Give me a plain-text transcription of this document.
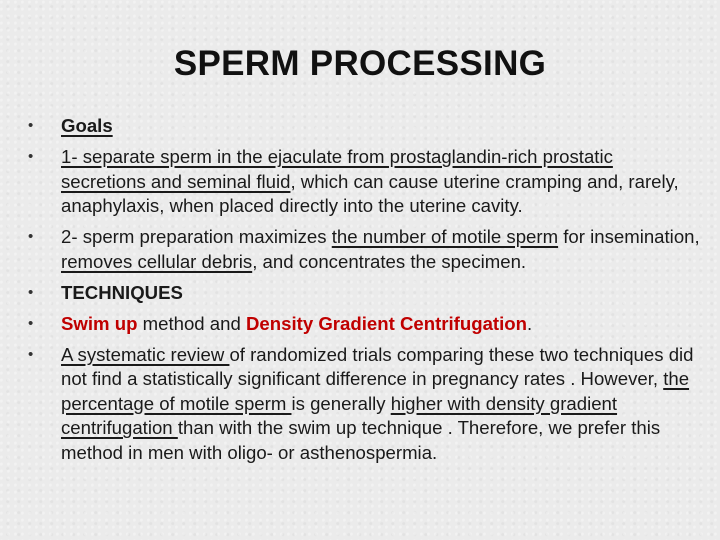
SPERM PROCESSING
• Goals
• 1- separate sperm in the ejaculate from prostaglandin-rich prostatic secretions and seminal fluid, which can cause uterine cramping and, rarely, anaphylaxis, when placed directly into the uterine cavity.
• 2- sperm preparation maximizes the number of motile sperm for insemination, removes cellular debris, and concentrates the specimen.
• TECHNIQUES
• Swim up method and Density Gradient Centrifugation.
• A systematic review of randomized trials comparing these two techniques did not find a statistically significant difference in pregnancy rates . However, the percentage of motile sperm is generally higher with density gradient centrifugation than with the swim up technique . Therefore, we prefer this method in men with oligo- or asthenospermia.
